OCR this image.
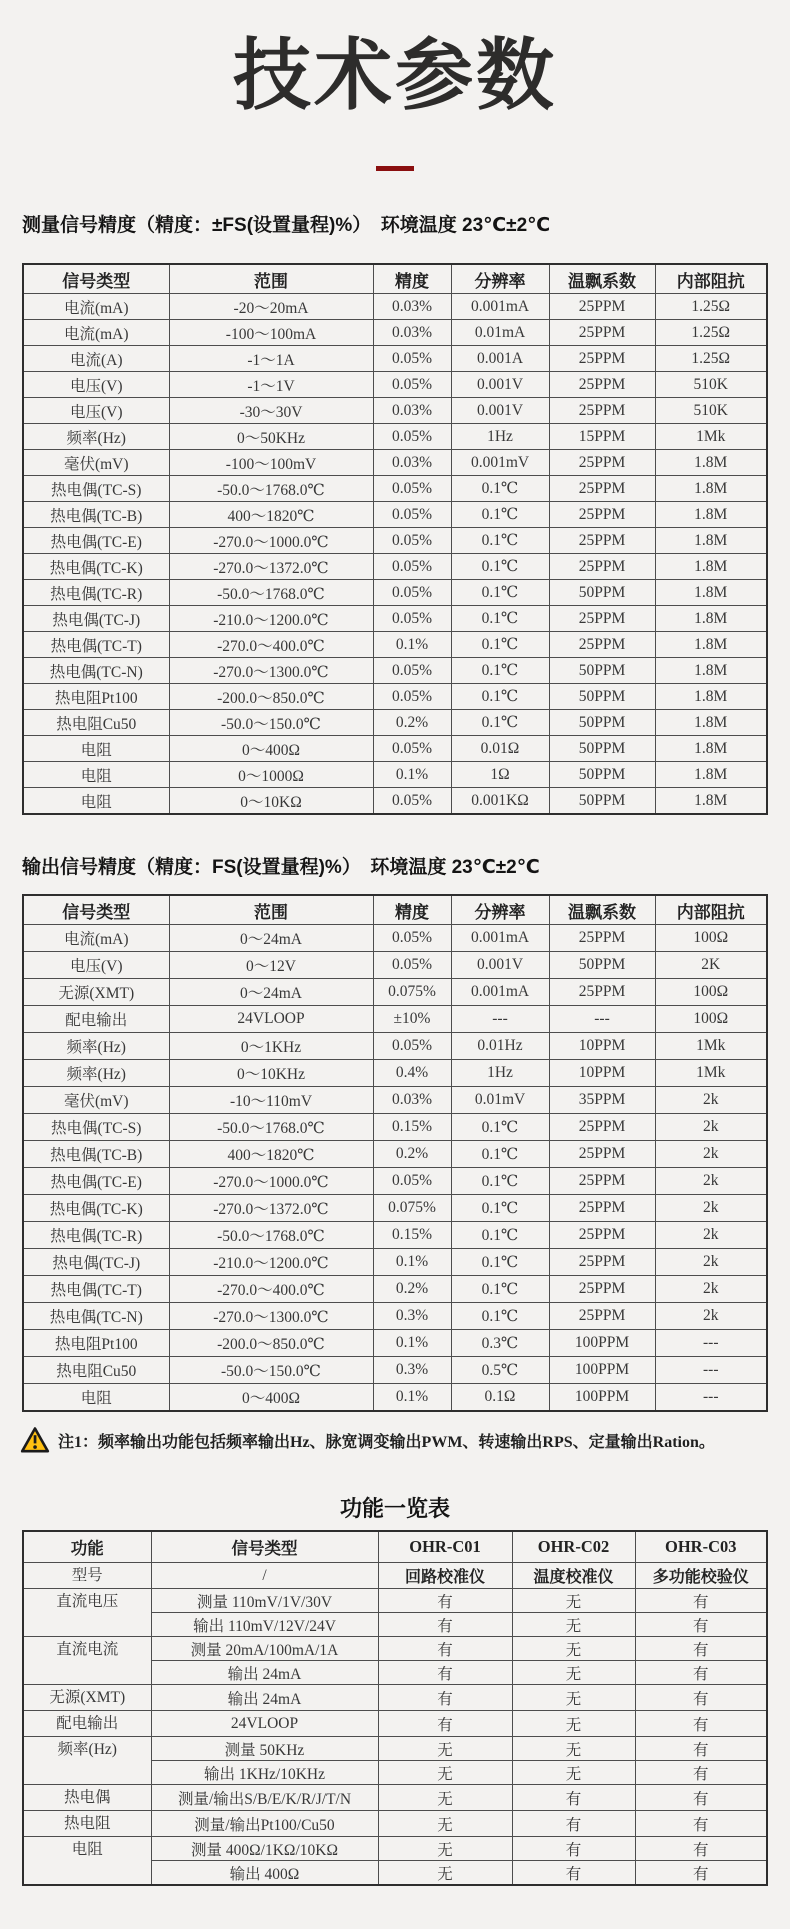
技术参数
测量信号精度（精度：±FS(设置量程)%）　环境温度 23℃±2℃
信号类型	范围	精度	分辨率	温飘系数	内部阻抗
电流(mA)	-20～20mA	0.03%	0.001mA	25PPM	1.25Ω
电流(mA)	-100～100mA	0.03%	0.01mA	25PPM	1.25Ω
电流(A)	-1～1A	0.05%	0.001A	25PPM	1.25Ω
电压(V)	-1～1V	0.05%	0.001V	25PPM	510K
电压(V)	-30～30V	0.03%	0.001V	25PPM	510K
频率(Hz)	0～50KHz	0.05%	1Hz	15PPM	1Mk
毫伏(mV)	-100～100mV	0.03%	0.001mV	25PPM	1.8M
热电偶(TC-S)	-50.0～1768.0℃	0.05%	0.1℃	25PPM	1.8M
热电偶(TC-B)	400～1820℃	0.05%	0.1℃	25PPM	1.8M
热电偶(TC-E)	-270.0～1000.0℃	0.05%	0.1℃	25PPM	1.8M
热电偶(TC-K)	-270.0～1372.0℃	0.05%	0.1℃	25PPM	1.8M
热电偶(TC-R)	-50.0～1768.0℃	0.05%	0.1℃	50PPM	1.8M
热电偶(TC-J)	-210.0～1200.0℃	0.05%	0.1℃	25PPM	1.8M
热电偶(TC-T)	-270.0～400.0℃	0.1%	0.1℃	25PPM	1.8M
热电偶(TC-N)	-270.0～1300.0℃	0.05%	0.1℃	50PPM	1.8M
热电阻Pt100	-200.0～850.0℃	0.05%	0.1℃	50PPM	1.8M
热电阻Cu50	-50.0～150.0℃	0.2%	0.1℃	50PPM	1.8M
电阻	0～400Ω	0.05%	0.01Ω	50PPM	1.8M
电阻	0～1000Ω	0.1%	1Ω	50PPM	1.8M
电阻	0～10KΩ	0.05%	0.001KΩ	50PPM	1.8M
输出信号精度（精度：FS(设置量程)%）　环境温度 23℃±2℃
信号类型	范围	精度	分辨率	温飘系数	内部阻抗
电流(mA)	0～24mA	0.05%	0.001mA	25PPM	100Ω
电压(V)	0～12V	0.05%	0.001V	50PPM	2K
无源(XMT)	0～24mA	0.075%	0.001mA	25PPM	100Ω
配电输出	24VLOOP	±10%	---	---	100Ω
频率(Hz)	0～1KHz	0.05%	0.01Hz	10PPM	1Mk
频率(Hz)	0～10KHz	0.4%	1Hz	10PPM	1Mk
毫伏(mV)	-10～110mV	0.03%	0.01mV	35PPM	2k
热电偶(TC-S)	-50.0～1768.0℃	0.15%	0.1℃	25PPM	2k
热电偶(TC-B)	400～1820℃	0.2%	0.1℃	25PPM	2k
热电偶(TC-E)	-270.0～1000.0℃	0.05%	0.1℃	25PPM	2k
热电偶(TC-K)	-270.0～1372.0℃	0.075%	0.1℃	25PPM	2k
热电偶(TC-R)	-50.0～1768.0℃	0.15%	0.1℃	25PPM	2k
热电偶(TC-J)	-210.0～1200.0℃	0.1%	0.1℃	25PPM	2k
热电偶(TC-T)	-270.0～400.0℃	0.2%	0.1℃	25PPM	2k
热电偶(TC-N)	-270.0～1300.0℃	0.3%	0.1℃	25PPM	2k
热电阻Pt100	-200.0～850.0℃	0.1%	0.3℃	100PPM	---
热电阻Cu50	-50.0～150.0℃	0.3%	0.5℃	100PPM	---
电阻	0～400Ω	0.1%	0.1Ω	100PPM	---
注1：频率输出功能包括频率输出Hz、脉宽调变输出PWM、转速输出RPS、定量输出Ration。
功能一览表
功能	信号类型	OHR-C01	OHR-C02	OHR-C03
型号	/	回路校准仪	温度校准仪	多功能校验仪
直流电压	测量 110mV/1V/30V	有	无	有
	输出 110mV/12V/24V	有	无	有
直流电流	测量 20mA/100mA/1A	有	无	有
	输出 24mA	有	无	有
无源(XMT)	输出 24mA	有	无	有
配电输出	24VLOOP	有	无	有
频率(Hz)	测量 50KHz	无	无	有
	输出 1KHz/10KHz	无	无	有
热电偶	测量/输出S/B/E/K/R/J/T/N	无	有	有
热电阻	测量/输出Pt100/Cu50	无	有	有
电阻	测量 400Ω/1KΩ/10KΩ	无	有	有
	输出 400Ω	无	有	有
